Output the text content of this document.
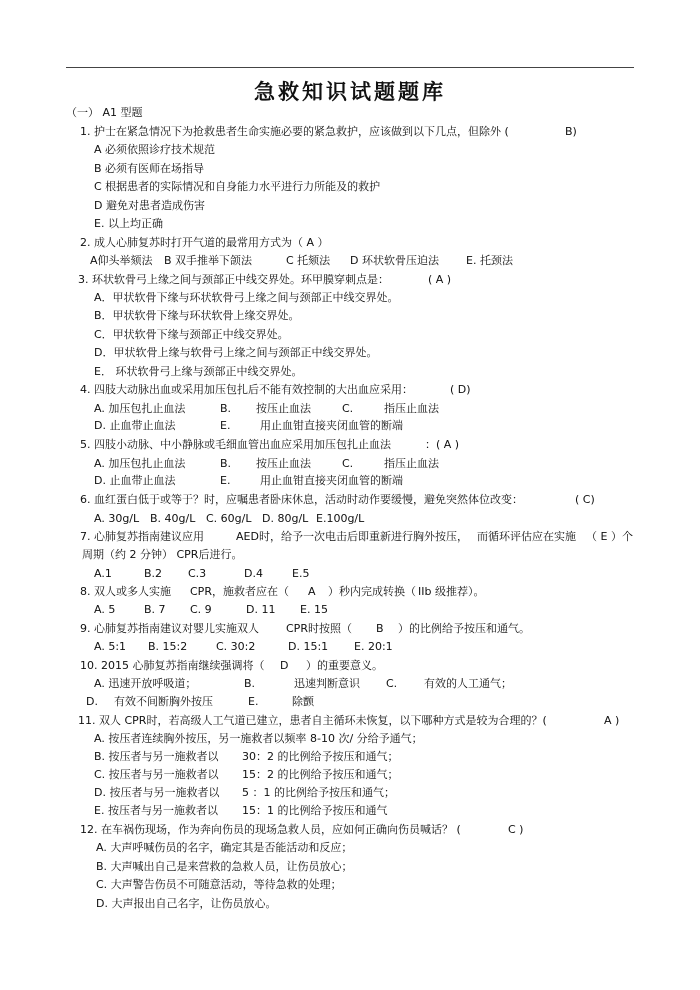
急救知识试题题库
（一） A1 型题
1. 护士在紧急情况下为抢救患者生命实施必要的紧急救护，应该做到以下几点，但除外 (	B)
A 必须依照诊疗技术规范
B 必须有医师在场指导
C 根据患者的实际情况和自身能力水平进行力所能及的救护
D 避免对患者造成伤害
E. 以上均正确
2. 成人心肺复苏时打开气道的最常用方式为（ A ）
A仰头举颏法 B 双手推举下颌法	C 托颏法 D 环状软骨压迫法 E. 托颈法
3. 环状软骨弓上缘之间与颈部正中线交界处。环甲膜穿刺点是：	( A )
A．甲状软骨下缘与环状软骨弓上缘之间与颈部正中线交界处。
B．甲状软骨下缘与环状软骨上缘交界处。
C．甲状软骨下缘与颈部正中线交界处。
D．甲状软骨上缘与软骨弓上缘之间与颈部正中线交界处。
E． 环状软骨弓上缘与颈部正中线交界处。
4. 四肢大动脉出血或采用加压包扎后不能有效控制的大出血应采用：	( D)
A. 加压包扎止血法	B. 按压止血法	C.	指压止血法
D. 止血带止血法	E.	用止血钳直接夹闭血管的断端
5. 四肢小动脉、中小静脉或毛细血管出血应采用加压包扎止血法	：( A )
A. 加压包扎止血法	B. 按压止血法	C.	指压止血法
D. 止血带止血法	E.	用止血钳直接夹闭血管的断端
6. 血红蛋白低于或等于？时，应嘱患者卧床休息，活动时动作要缓慢，避免突然体位改变：	( C)
A. 30g/L B. 40g/L C. 60g/L D. 80g/L E.100g/L
7. 心肺复苏指南建议应用	AED时，给予一次电击后即重新进行胸外按压， 而循环评估应在实施 （ E ）个
周期（约 2 分钟） CPR后进行。
A.1	B.2 C.3	D.4	E.5
8. 双人或多人实施 CPR，施救者应在（ A ）秒内完成转换（ IIb 级推荐）。
A. 5	B. 7 C. 9	D. 11 E. 15
9. 心肺复苏指南建议对婴儿实施双人 CPR时按照（ B ）的比例给予按压和通气。
A. 5:1 B. 15:2	C. 30:2	D. 15:1 E. 20:1
10. 2015 心肺复苏指南继续强调将（ D ）的重要意义。
A. 迅速开放呼吸道；	B.	迅速判断意识 C. 有效的人工通气；
D. 有效不间断胸外按压	E.	除颤
11. 双人 CPR时，若高级人工气道已建立，患者自主循环未恢复，以下哪种方式是较为合理的？(	A )
A. 按压者连续胸外按压，另一施救者以频率 8-10 次/ 分给予通气；
B. 按压者与另一施救者以 30：2 的比例给予按压和通气；
C. 按压者与另一施救者以 15：2 的比例给予按压和通气；
D. 按压者与另一施救者以 5 ：1 的比例给予按压和通气；
E. 按压者与另一施救者以 15：1 的比例给予按压和通气
12. 在车祸伤现场，作为奔向伤员的现场急救人员，应如何正确向伤员喊话？ (	C )
A. 大声呼喊伤员的名字，确定其是否能活动和反应；
B. 大声喊出自己是来营救的急救人员，让伤员放心；
C. 大声警告伤员不可随意活动，等待急救的处理；
D. 大声报出自己名字，让伤员放心。
